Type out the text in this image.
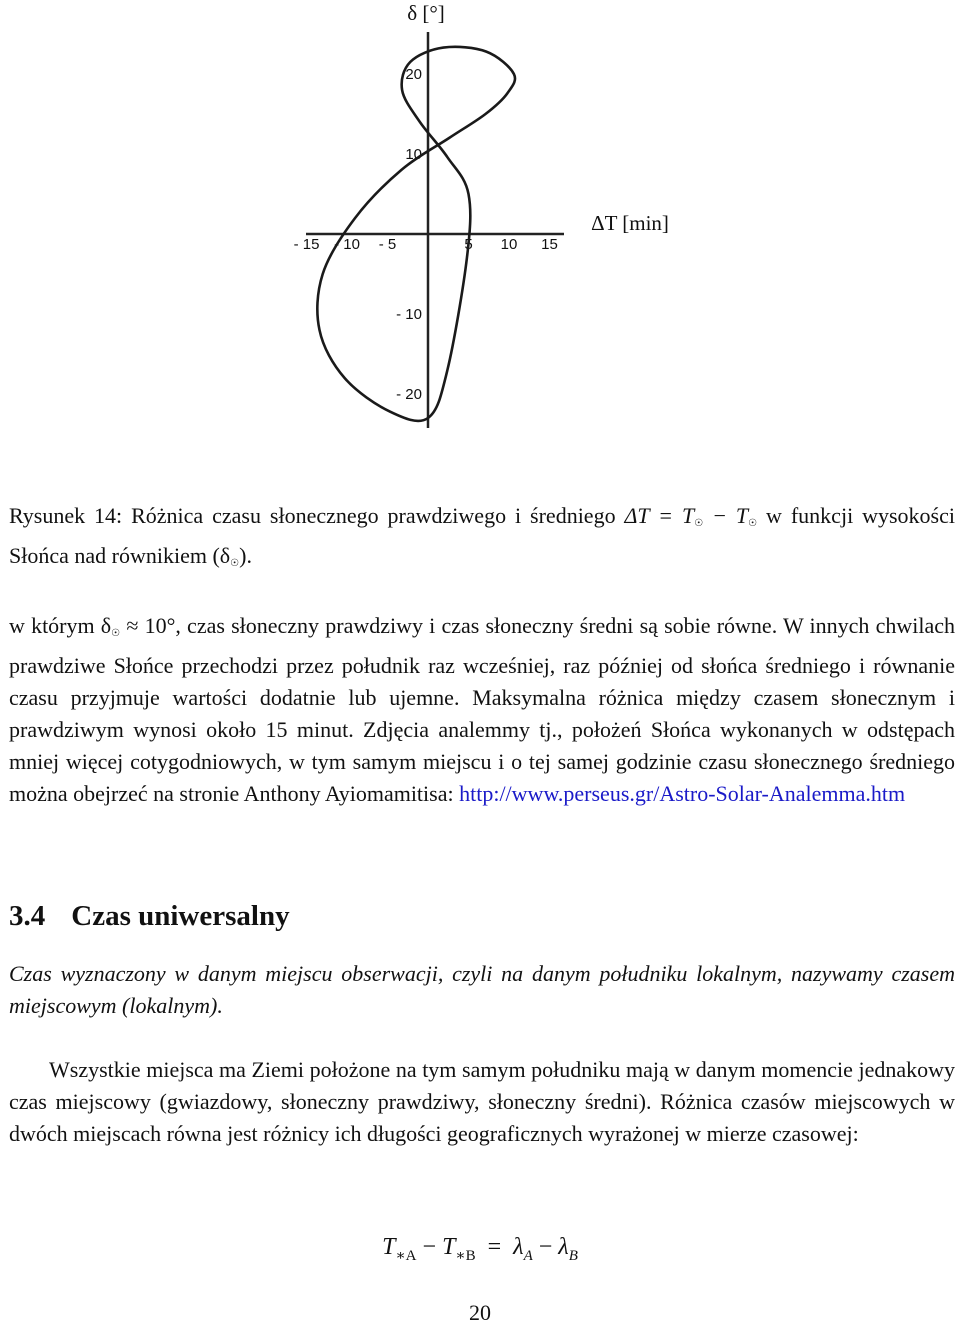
- 15 - 10 - 5	5 10 15
20
10
- 10
- 20
δ [°]
ΔT [min]
Rysunek 14: Różnica czasu słonecznego prawdziwego i średniego $\Delta T = T_☉ - T_☉$ w funkcji wysokości Słońca nad równikiem $(\delta_☉)$.
w którym $\delta_☉ \approx 10^\circ$, czas słoneczny prawdziwy i czas słoneczny średni są sobie równe. W innych chwilach prawdziwe Słońce przechodzi przez południk raz wcześniej, raz później od słońca średniego i równanie czasu przyjmuje wartości dodatnie lub ujemne. Maksymalna różnica między czasem słonecznym i prawdziwym wynosi około 15 minut. Zdjęcia analemmy tj., położeń Słońca wykonanych w odstępach mniej więcej cotygodniowych, w tym samym miejscu i o tej samej godzinie czasu słonecznego średniego można obejrzeć na stronie Anthony Ayiomamitisa: http://www.perseus.gr/Astro-Solar-Analemma.htm
3.4 Czas uniwersalny
Czas wyznaczony w danym miejscu obserwacji, czyli na danym południku lokalnym, nazywamy czasem miejscowym (lokalnym).
Wszystkie miejsca ma Ziemi położone na tym samym południku mają w danym momencie jednakowy czas miejscowy (gwiazdowy, słoneczny prawdziwy, słoneczny średni). Różnica czasów miejscowych w dwóch miejscach równa jest różnicy ich długości geograficznych wyrażonej w mierze czasowej:
$T_{∗A} - T_{∗B} = \lambda_A - \lambda_B$
20
